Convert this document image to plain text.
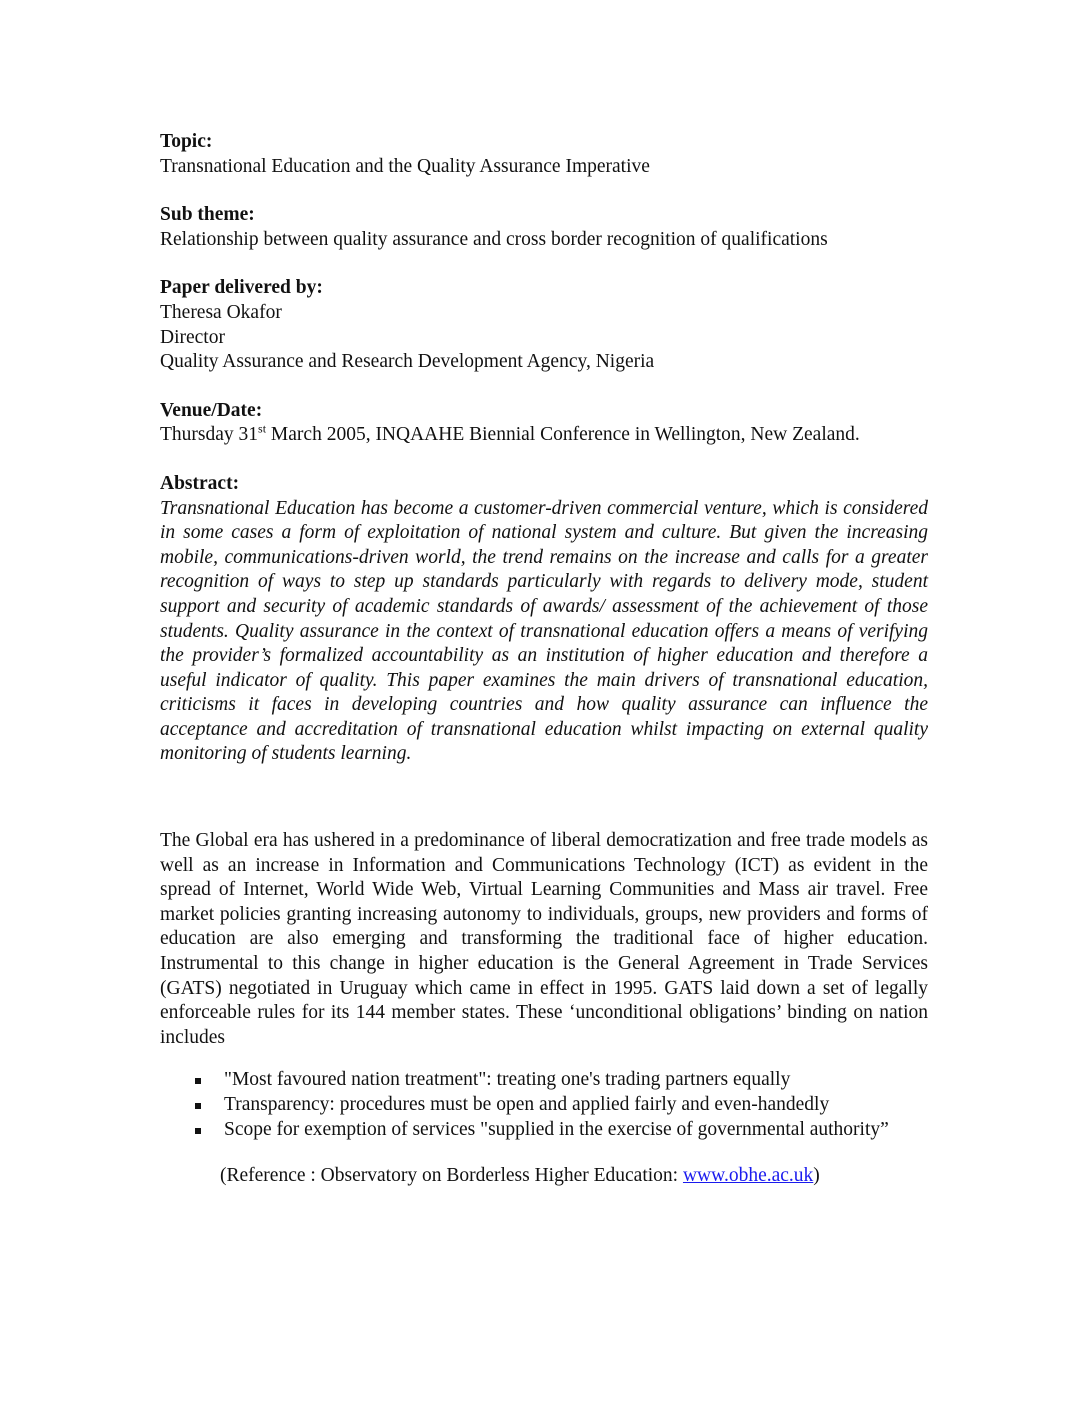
Topic:
Transnational Education and the Quality Assurance Imperative
Sub theme:
Relationship between quality assurance and cross border recognition of qualifications
Paper delivered by:
Theresa Okafor
Director
Quality Assurance and Research Development Agency, Nigeria
Venue/Date:
Thursday 31st March 2005, INQAAHE Biennial Conference in Wellington, New Zealand.
Abstract:

Transnational Education has become a customer-driven commercial venture, which is considered in some cases a form of exploitation of national system and culture. But given the increasing mobile, communications-driven world, the trend remains on the increase and calls for a greater recognition of ways to step up standards particularly with regards to delivery mode, student support and security of academic standards of awards/ assessment of the achievement of those students. Quality assurance in the context of transnational education offers a means of verifying the provider’s formalized accountability as an institution of higher education and therefore a useful indicator of quality. This paper examines the main drivers of transnational education, criticisms it faces in developing countries and how quality assurance can influence the acceptance and accreditation of transnational education whilst impacting on external quality monitoring of students learning.

The Global era has ushered in a predominance of liberal democratization and free trade models as well as an increase in Information and Communications Technology (ICT) as evident in the spread of Internet, World Wide Web, Virtual Learning Communities and Mass air travel. Free market policies granting increasing autonomy to individuals, groups, new providers and forms of education are also emerging and transforming the traditional face of higher education. Instrumental to this change in higher education is the General Agreement in Trade Services (GATS) negotiated in Uruguay which came in effect in 1995. GATS laid down a set of legally enforceable rules for its 144 member states. These ‘unconditional obligations’ binding on nation includes

"Most favoured nation treatment": treating one's trading partners equally
Transparency: procedures must be open and applied fairly and even-handedly
Scope for exemption of services "supplied in the exercise of governmental authority”
(Reference : Observatory on Borderless Higher Education: www.obhe.ac.uk)
